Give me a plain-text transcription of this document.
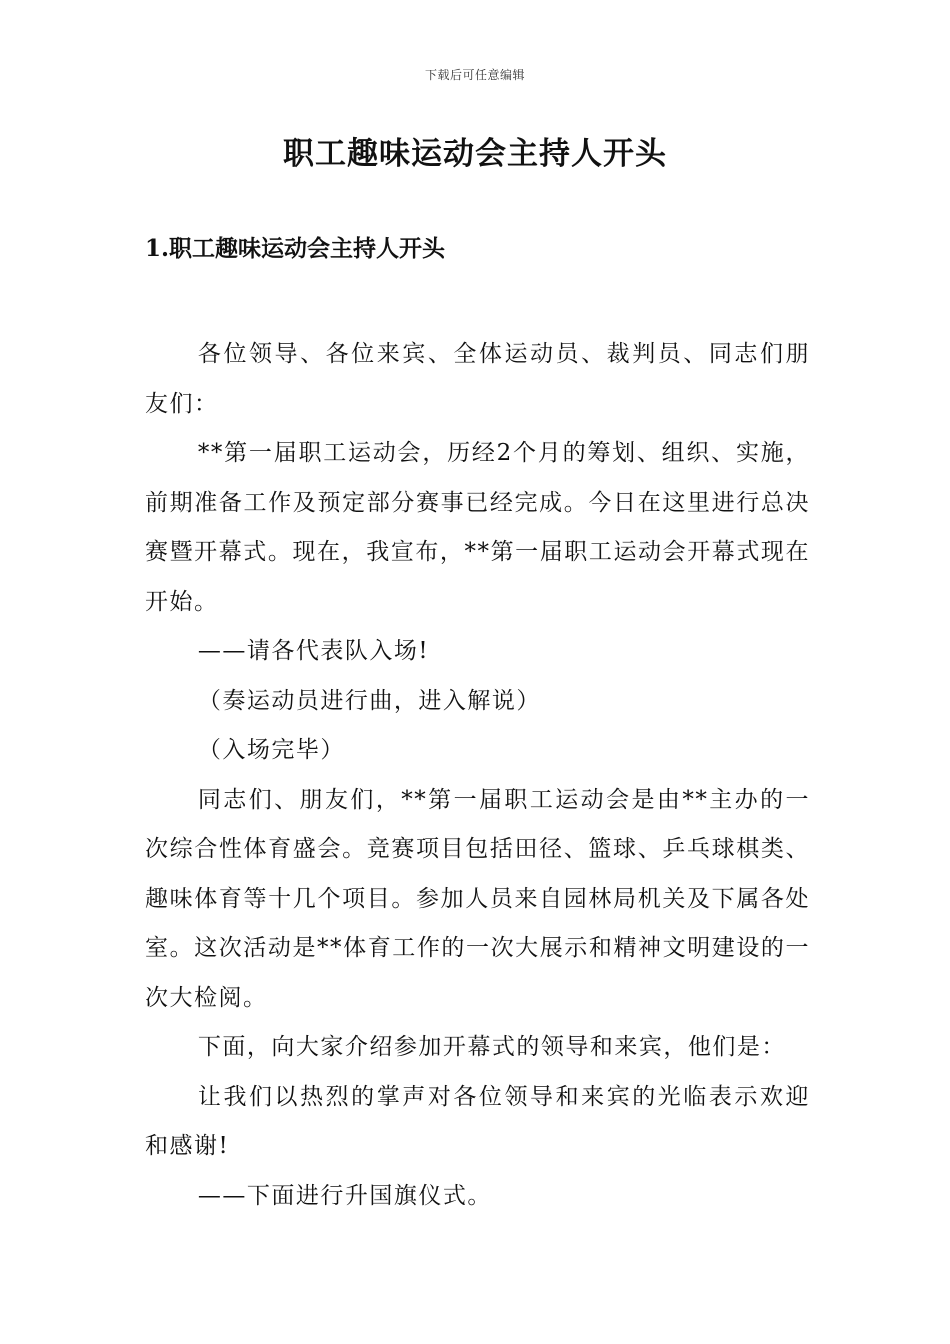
下载后可任意编辑
职工趣味运动会主持人开头
1.职工趣味运动会主持人开头

各位领导、各位来宾、全体运动员、裁判员、同志们朋友们：

**第一届职工运动会，历经2个月的筹划、组织、实施，前期准备工作及预定部分赛事已经完成。今日在这里进行总决赛暨开幕式。现在，我宣布，**第一届职工运动会开幕式现在开始。

——请各代表队入场!

（奏运动员进行曲，进入解说）

（入场完毕）

同志们、朋友们，**第一届职工运动会是由**主办的一次综合性体育盛会。竞赛项目包括田径、篮球、乒乓球棋类、趣味体育等十几个项目。参加人员来自园林局机关及下属各处室。这次活动是**体育工作的一次大展示和精神文明建设的一次大检阅。

下面，向大家介绍参加开幕式的领导和来宾，他们是：

让我们以热烈的掌声对各位领导和来宾的光临表示欢迎和感谢!

——下面进行升国旗仪式。
